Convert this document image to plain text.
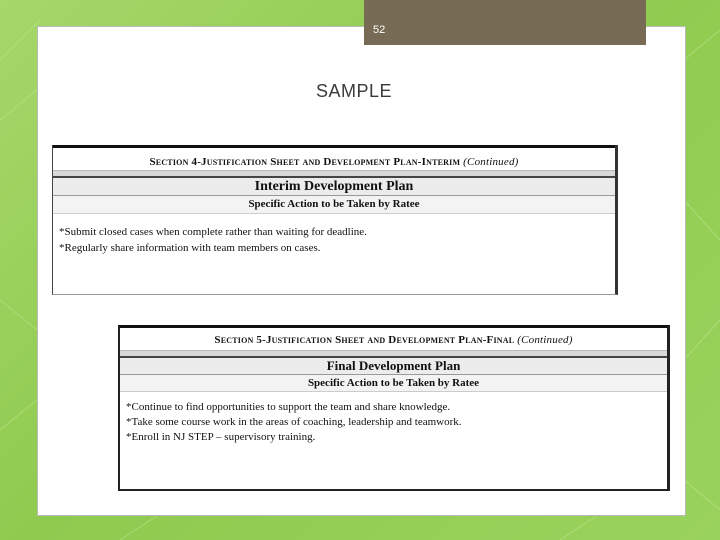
52
SAMPLE
Section 4-Justification Sheet and Development Plan-Interim (Continued)
Interim Development Plan
Specific Action to be Taken by Ratee
*Submit closed cases when complete rather than waiting for deadline.
*Regularly share information with team members on cases.
Section 5-Justification Sheet and Development Plan-Final (Continued)
Final Development Plan
Specific Action to be Taken by Ratee
*Continue to find opportunities to support the team and share knowledge.
*Take some course work in the areas of coaching, leadership and teamwork.
*Enroll in NJ STEP – supervisory training.
